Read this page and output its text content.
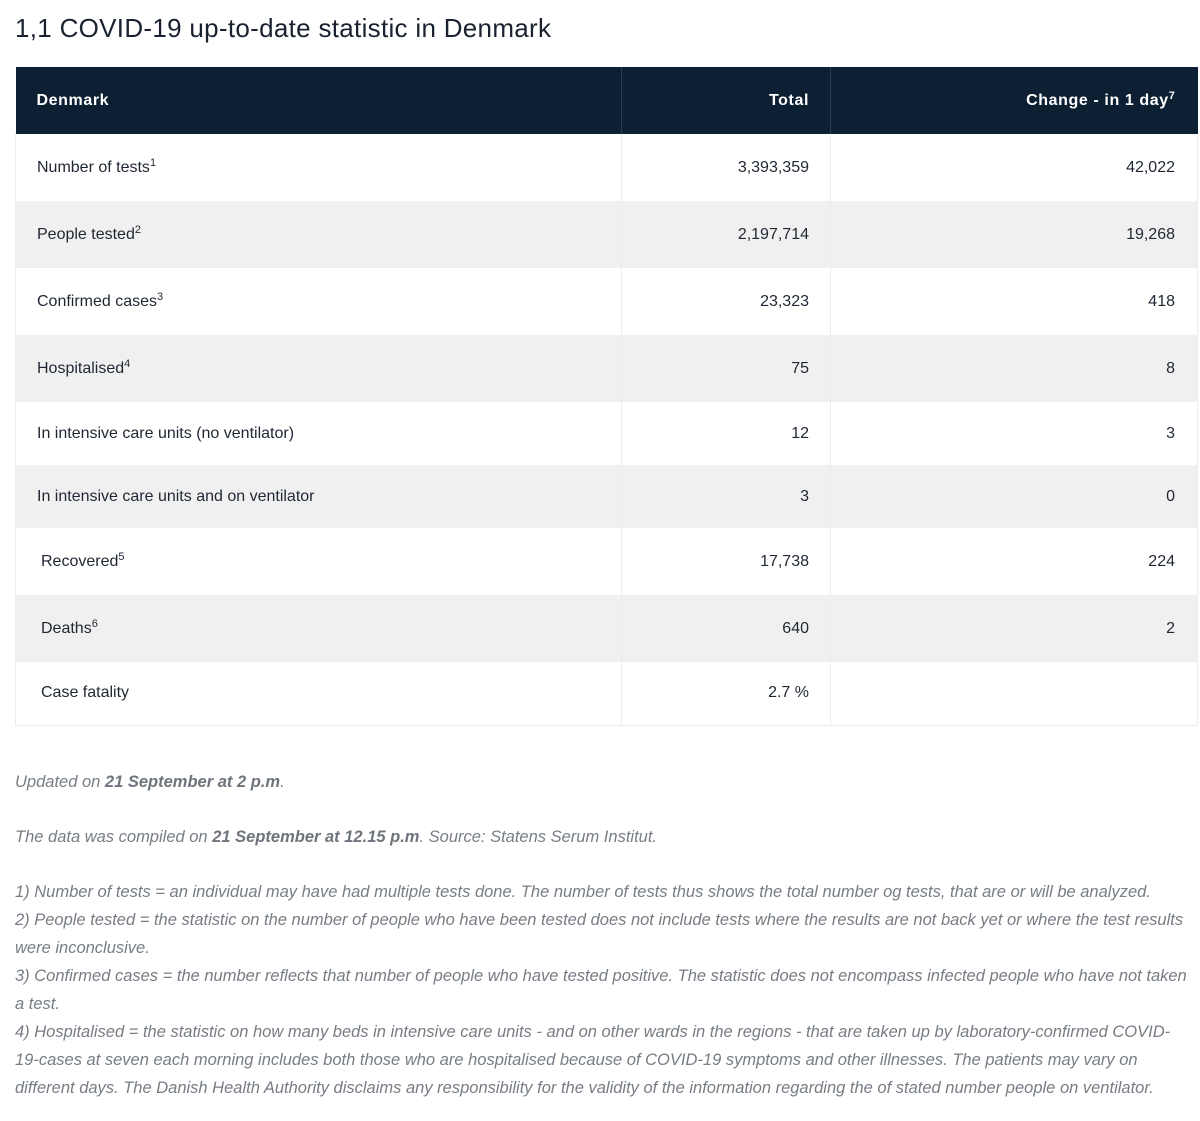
1,1 COVID-19 up-to-date statistic in Denmark
Denmark	Total	Change - in 1 day$^7$
Number of tests$^1$	3,393,359	42,022
People tested$^2$	2,197,714	19,268
Confirmed cases$^3$	23,323	418
Hospitalised$^4$	75	8
In intensive care units (no ventilator)	12	3
In intensive care units and on ventilator	3	0
Recovered$^5$	17,738	224
Deaths$^6$	640	2
Case fatality	2.7 %	

Updated on 21 September at 2 p.m.

The data was compiled on 21 September at 12.15 p.m. Source: Statens Serum Institut.

1) Number of tests = an individual may have had multiple tests done. The number of tests thus shows the total number og tests, that are or will be analyzed.

2) People tested = the statistic on the number of people who have been tested does not include tests where the results are not back yet or where the test results were inconclusive.

3) Confirmed cases = the number reflects that number of people who have tested positive. The statistic does not encompass infected people who have not taken a test.

4) Hospitalised = the statistic on how many beds in intensive care units - and on other wards in the regions - that are taken up by laboratory-confirmed COVID-19-cases at seven each morning includes both those who are hospitalised because of COVID-19 symptoms and other illnesses. The patients may vary on different days. The Danish Health Authority disclaims any responsibility for the validity of the information regarding the of stated number people on ventilator.
